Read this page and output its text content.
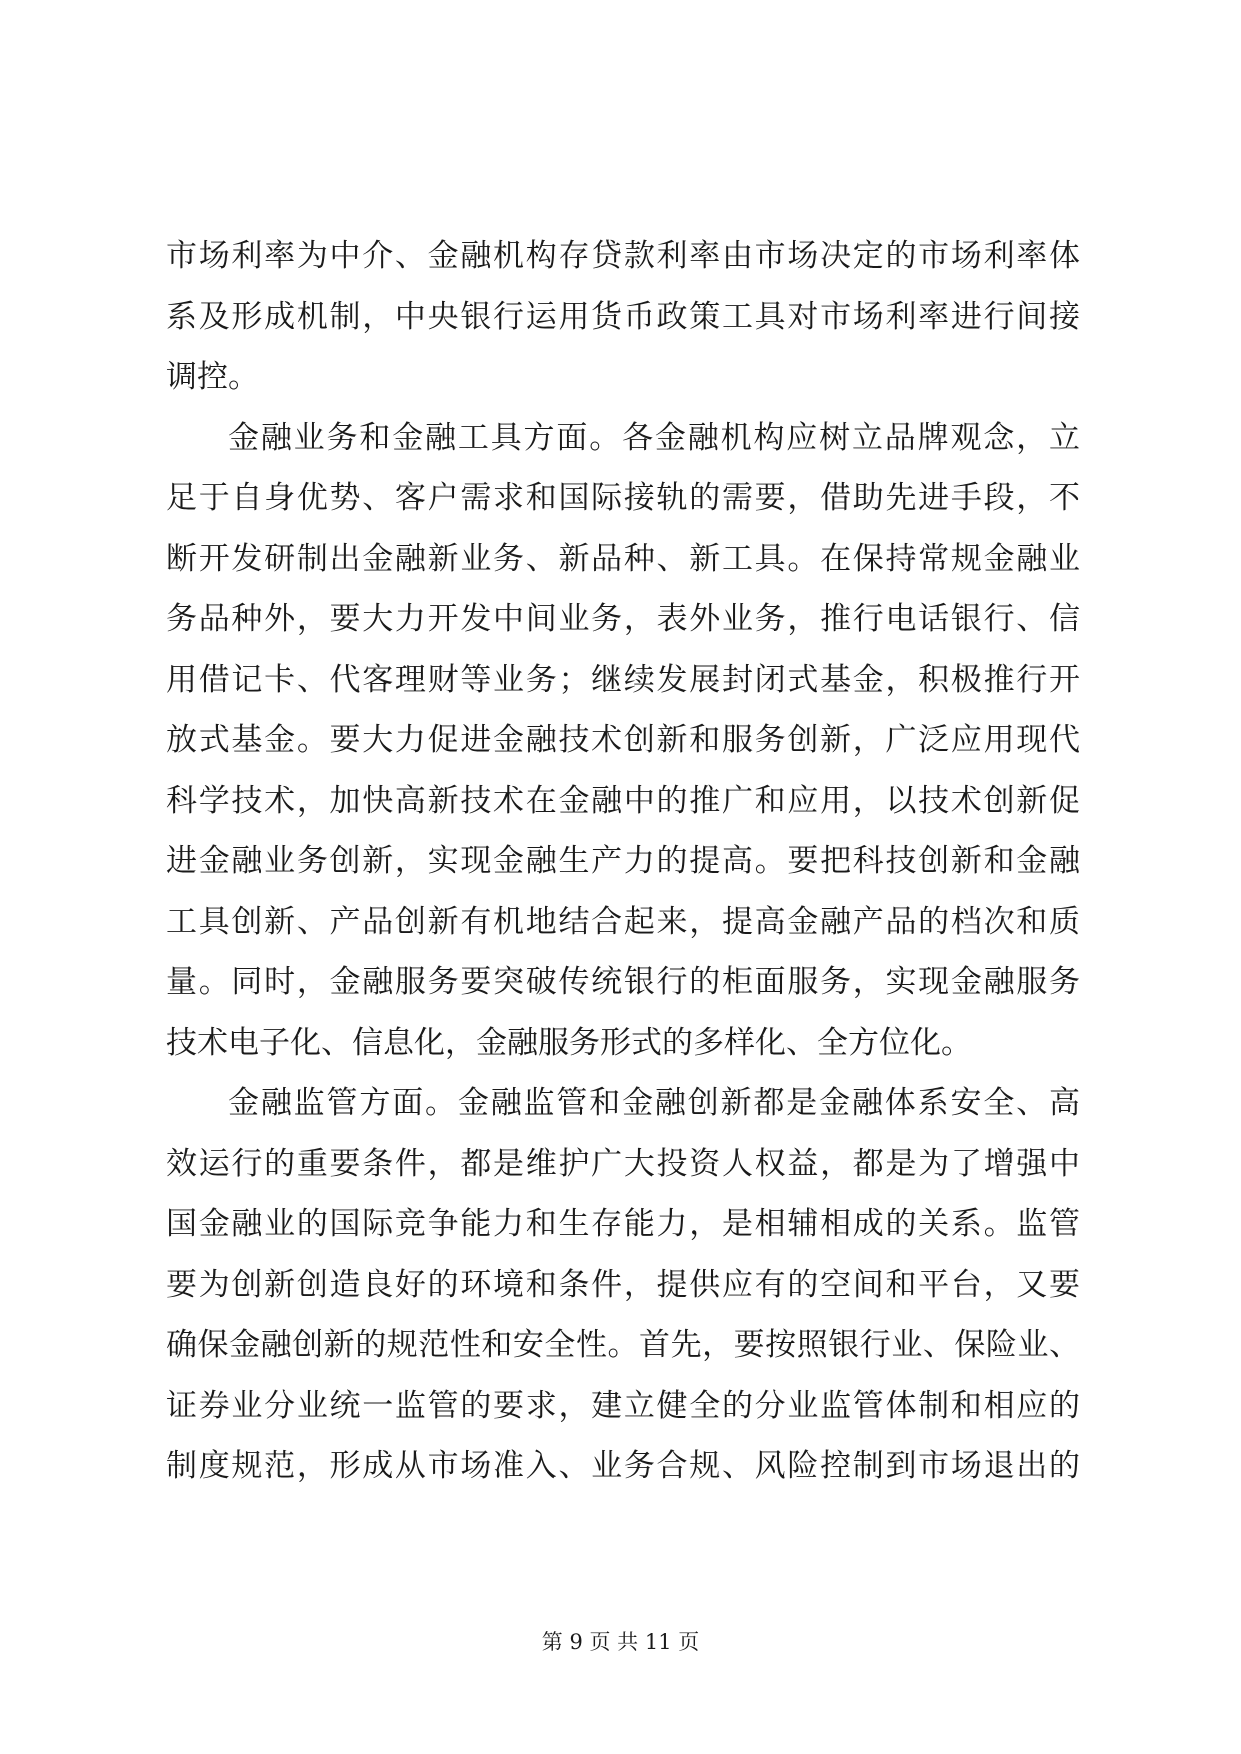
市场利率为中介、金融机构存贷款利率由市场决定的市场利率体
系及形成机制，中央银行运用货币政策工具对市场利率进行间接
调控。
金融业务和金融工具方面。各金融机构应树立品牌观念，立
足于自身优势、客户需求和国际接轨的需要，借助先进手段，不
断开发研制出金融新业务、新品种、新工具。在保持常规金融业
务品种外，要大力开发中间业务，表外业务，推行电话银行、信
用借记卡、代客理财等业务；继续发展封闭式基金，积极推行开
放式基金。要大力促进金融技术创新和服务创新，广泛应用现代
科学技术，加快高新技术在金融中的推广和应用，以技术创新促
进金融业务创新，实现金融生产力的提高。要把科技创新和金融
工具创新、产品创新有机地结合起来，提高金融产品的档次和质
量。同时，金融服务要突破传统银行的柜面服务，实现金融服务
技术电子化、信息化，金融服务形式的多样化、全方位化。
金融监管方面。金融监管和金融创新都是金融体系安全、高
效运行的重要条件，都是维护广大投资人权益，都是为了增强中
国金融业的国际竞争能力和生存能力，是相辅相成的关系。监管
要为创新创造良好的环境和条件，提供应有的空间和平台，又要
确保金融创新的规范性和安全性。首先，要按照银行业、保险业、
证券业分业统一监管的要求，建立健全的分业监管体制和相应的
制度规范，形成从市场准入、业务合规、风险控制到市场退出的
第 9 页 共 11 页
